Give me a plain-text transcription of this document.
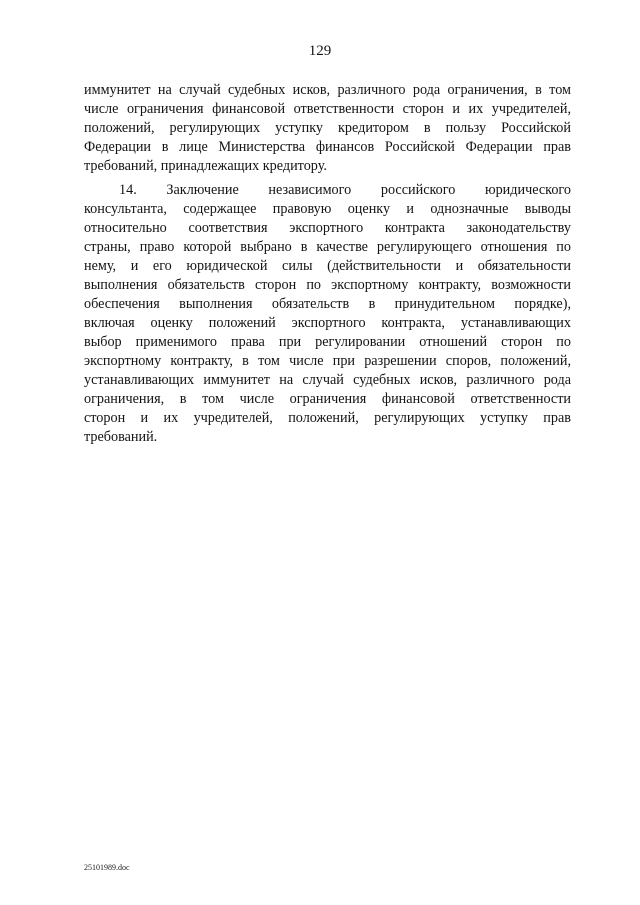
129
иммунитет на случай судебных исков, различного рода ограничения, в том
числе ограничения финансовой ответственности сторон и их учредителей,
положений, регулирующих уступку кредитором в пользу Российской
Федерации в лице Министерства финансов Российской Федерации прав
требований, принадлежащих кредитору.
14. Заключение независимого российского юридического
консультанта, содержащее правовую оценку и однозначные выводы
относительно соответствия экспортного контракта законодательству
страны, право которой выбрано в качестве регулирующего отношения по
нему, и его юридической силы (действительности и обязательности
выполнения обязательств сторон по экспортному контракту, возможности
обеспечения выполнения обязательств в принудительном порядке),
включая оценку положений экспортного контракта, устанавливающих
выбор применимого права при регулировании отношений сторон по
экспортному контракту, в том числе при разрешении споров, положений,
устанавливающих иммунитет на случай судебных исков, различного рода
ограничения, в том числе ограничения финансовой ответственности
сторон и их учредителей, положений, регулирующих уступку прав
требований.
25101989.doc
